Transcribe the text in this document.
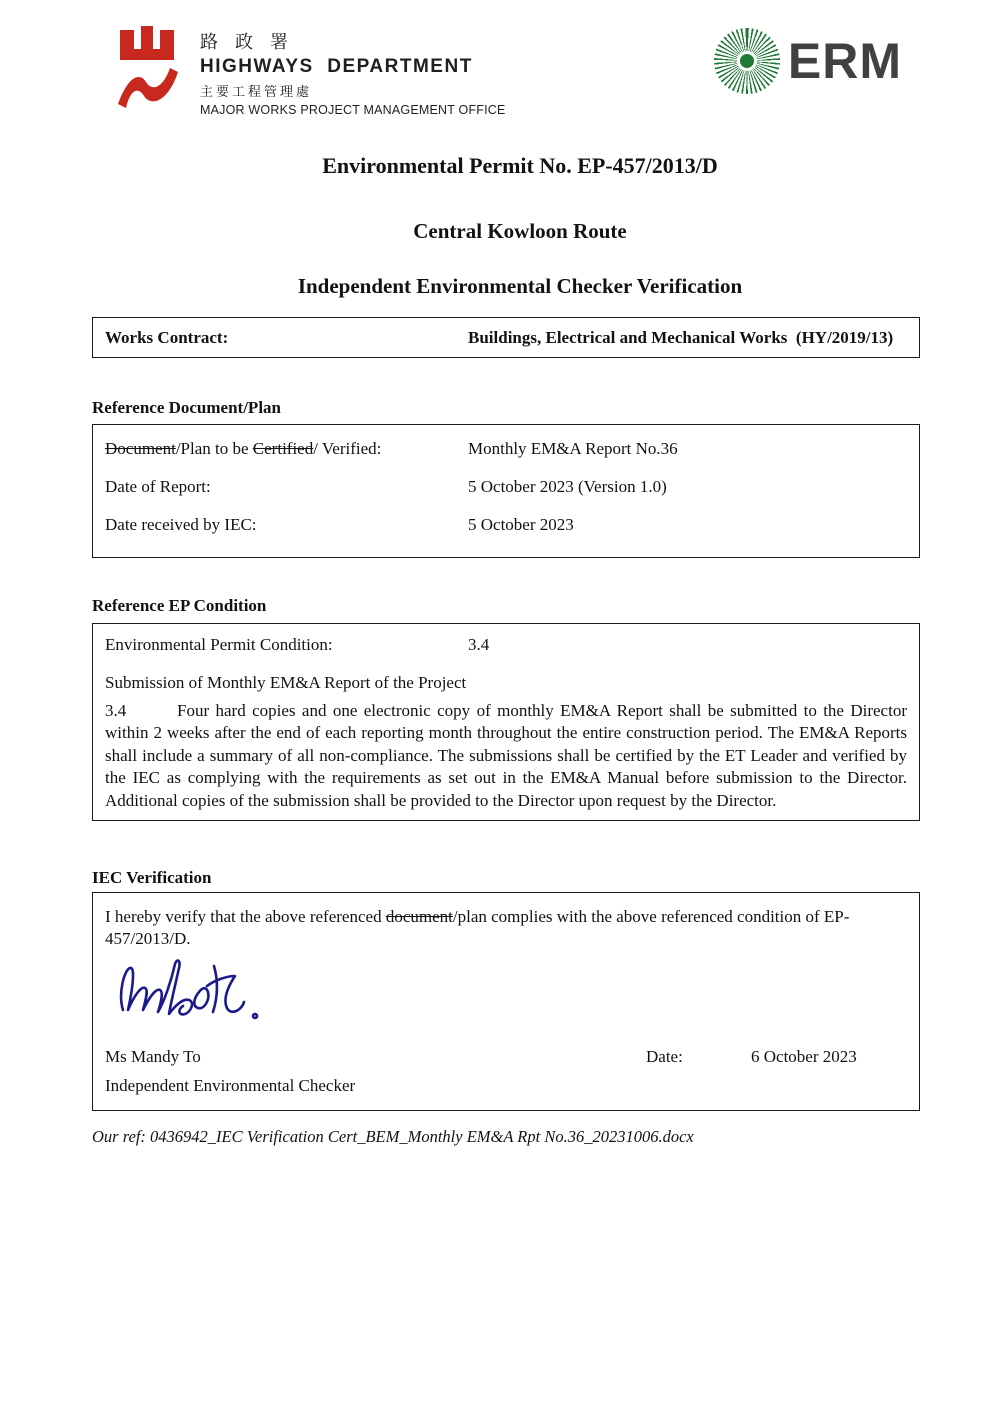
路 政 署
HIGHWAYS  DEPARTMENT
主要工程管理處
MAJOR WORKS PROJECT MANAGEMENT OFFICE
ERM
Environmental Permit No. EP-457/2013/D
Central Kowloon Route
Independent Environmental Checker Verification
Works Contract:	Buildings, Electrical and Mechanical Works  (HY/2019/13)
Reference Document/Plan
Document/Plan to be Certified/ Verified:	Monthly EM&A Report No.36
Date of Report:	5 October 2023 (Version 1.0)
Date received by IEC:	5 October 2023
Reference EP Condition
Environmental Permit Condition:	3.4
Submission of Monthly EM&A Report of the Project

3.4	Four hard copies and one electronic copy of monthly EM&A Report shall be submitted to the Director within 2 weeks after the end of each reporting month throughout the entire construction period. The EM&A Reports shall include a summary of all non-compliance. The submissions shall be certified by the ET Leader and verified by the IEC as complying with the requirements as set out in the EM&A Manual before submission to the Director. Additional copies of the submission shall be provided to the Director upon request by the Director.

IEC Verification

I hereby verify that the above referenced document/plan complies with the above referenced condition of EP-457/2013/D.

Ms Mandy To	Date:	6 October 2023
Independent Environmental Checker
Our ref: 0436942_IEC Verification Cert_BEM_Monthly EM&A Rpt No.36_20231006.docx
